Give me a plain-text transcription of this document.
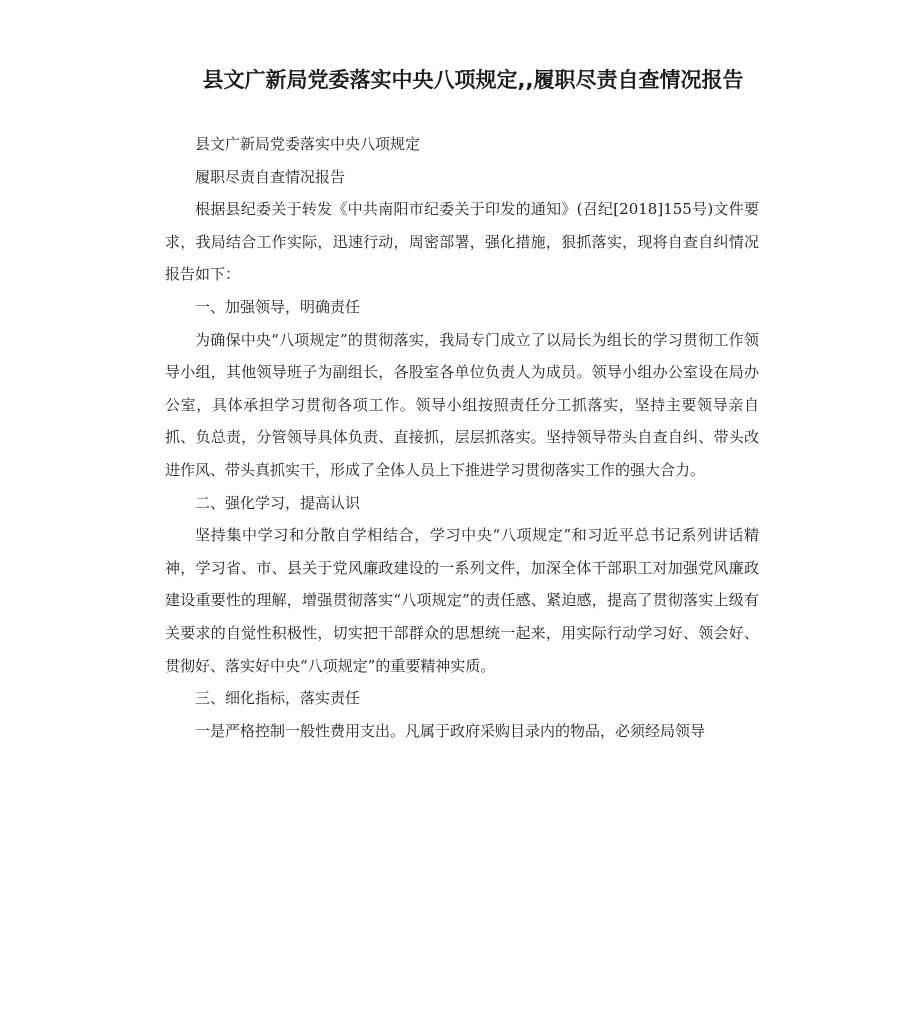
县文广新局党委落实中央八项规定,,履职尽责自查情况报告

县文广新局党委落实中央八项规定

履职尽责自查情况报告

根据县纪委关于转发《中共南阳市纪委关于印发的通知》(召纪[2018]155号)文件要求，我局结合工作实际，迅速行动，周密部署，强化措施，狠抓落实，现将自查自纠情况报告如下：

一、加强领导，明确责任

为确保中央“八项规定”的贯彻落实，我局专门成立了以局长为组长的学习贯彻工作领导小组，其他领导班子为副组长，各股室各单位负责人为成员。领导小组办公室设在局办公室，具体承担学习贯彻各项工作。领导小组按照责任分工抓落实，坚持主要领导亲自抓、负总责，分管领导具体负责、直接抓，层层抓落实。坚持领导带头自查自纠、带头改进作风、带头真抓实干，形成了全体人员上下推进学习贯彻落实工作的强大合力。

二、强化学习，提高认识

坚持集中学习和分散自学相结合，学习中央“八项规定”和习近平总书记系列讲话精神，学习省、市、县关于党风廉政建设的一系列文件，加深全体干部职工对加强党风廉政建设重要性的理解，增强贯彻落实“八项规定”的责任感、紧迫感，提高了贯彻落实上级有关要求的自觉性积极性，切实把干部群众的思想统一起来，用实际行动学习好、领会好、贯彻好、落实好中央“八项规定”的重要精神实质。

三、细化指标，落实责任

一是严格控制一般性费用支出。凡属于政府采购目录内的物品，必须经局领导
